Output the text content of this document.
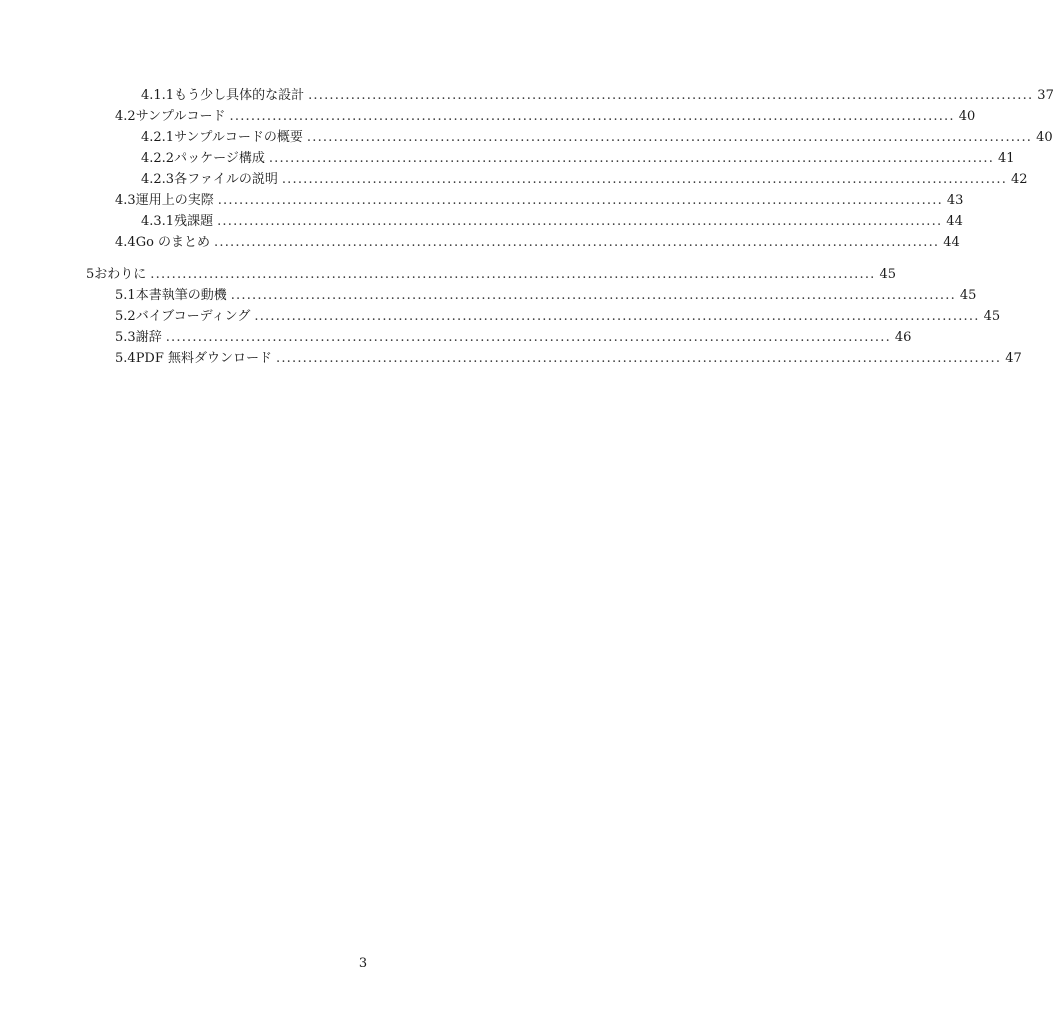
4.1.1 もう少し具体的な設計 ........................................................................................................................................ 37
4.2 サンプルコード ........................................................................................................................................ 40
4.2.1 サンプルコードの概要 ........................................................................................................................................ 40
4.2.2 パッケージ構成 ........................................................................................................................................ 41
4.2.3 各ファイルの説明 ........................................................................................................................................ 42
4.3 運用上の実際 ........................................................................................................................................ 43
4.3.1 残課題 ........................................................................................................................................ 44
4.4 Go のまとめ ........................................................................................................................................ 44
5 おわりに ........................................................................................................................................ 45
5.1 本書執筆の動機 ........................................................................................................................................ 45
5.2 バイブコーディング ........................................................................................................................................ 45
5.3 謝辞 ........................................................................................................................................ 46
5.4 PDF 無料ダウンロード ........................................................................................................................................ 47
3
